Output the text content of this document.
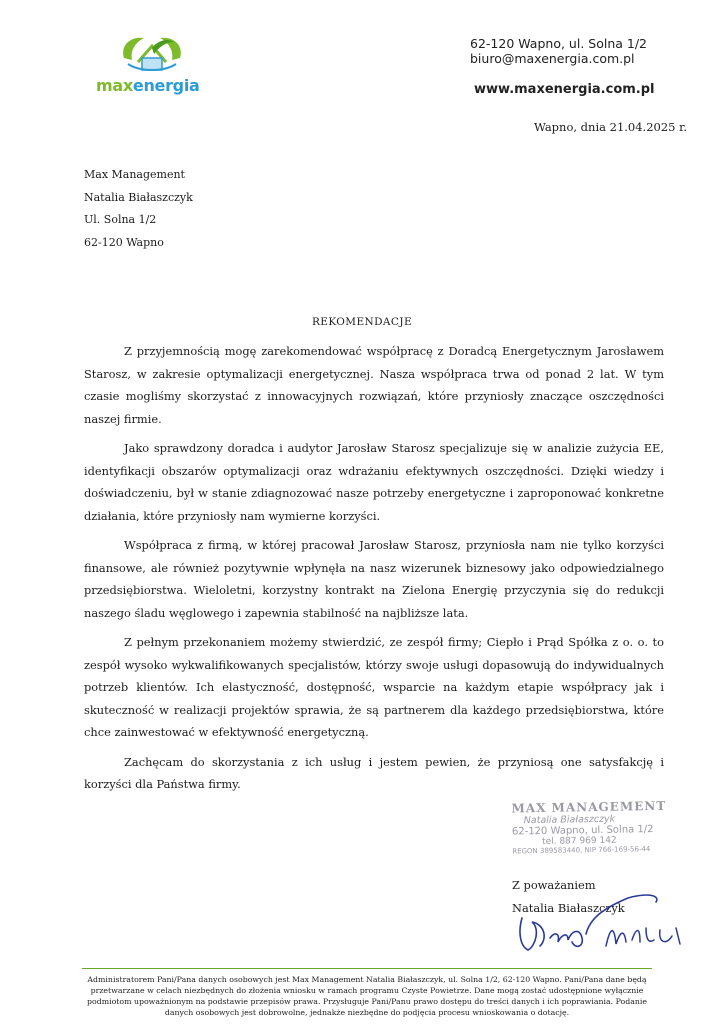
maxenergia
62-120 Wapno, ul. Solna 1/2
biuro@maxenergia.com.pl
www.maxenergia.com.pl
Wapno, dnia 21.04.2025 r.
Max Management
Natalia Białaszczyk
Ul. Solna 1/2
62-120 Wapno
REKOMENDACJE

Z przyjemnością mogę zarekomendować współpracę z Doradcą Energetycznym Jarosławem Starosz, w zakresie optymalizacji energetycznej. Nasza współpraca trwa od ponad 2 lat. W tym czasie mogliśmy skorzystać z innowacyjnych rozwiązań, które przyniosły znaczące oszczędności naszej firmie.

Jako sprawdzony doradca i audytor Jarosław Starosz specjalizuje się w analizie zużycia EE, identyfikacji obszarów optymalizacji oraz wdrażaniu efektywnych oszczędności. Dzięki wiedzy i doświadczeniu, był w stanie zdiagnozować nasze potrzeby energetyczne i zaproponować konkretne działania, które przyniosły nam wymierne korzyści.

Współpraca z firmą, w której pracował Jarosław Starosz, przyniosła nam nie tylko korzyści finansowe, ale również pozytywnie wpłynęła na nasz wizerunek biznesowy jako odpowiedzialnego przedsiębiorstwa. Wieloletni, korzystny kontrakt na Zielona Energię przyczynia się do redukcji naszego śladu węglowego i zapewnia stabilność na najbliższe lata.

Z pełnym przekonaniem możemy stwierdzić, ze zespół firmy; Ciepło i Prąd Spółka z o. o. to zespół wysoko wykwalifikowanych specjalistów, którzy swoje usługi dopasowują do indywidualnych potrzeb klientów. Ich elastyczność, dostępność, wsparcie na każdym etapie współpracy jak i skuteczność w realizacji projektów sprawia, że są partnerem dla każdego przedsiębiorstwa, które chce zainwestować w efektywność energetyczną.

Zachęcam do skorzystania z ich usług i jestem pewien, że przyniosą one satysfakcję i korzyści dla Państwa firmy.

MAX MANAGEMENT
Natalia Białaszczyk
62-120 Wapno, ul. Solna 1/2
tel. 887 969 142
REGON 389583440, NIP 766-169-56-44
Z poważaniem
Natalia Białaszczyk
Administratorem Pani/Pana danych osobowych jest Max Management Natalia Białaszczyk, ul. Solna 1/2, 62-120 Wapno. Pani/Pana dane będą przetwarzane w celach niezbędnych do złożenia wniosku w ramach programu Czyste Powietrze. Dane mogą zostać udostępnione wyłącznie podmiotom upoważnionym na podstawie przepisów prawa. Przysługuje Pani/Panu prawo dostępu do treści danych i ich poprawiania. Podanie danych osobowych jest dobrowolne, jednakże niezbędne do podjęcia procesu wnioskowania o dotację.
